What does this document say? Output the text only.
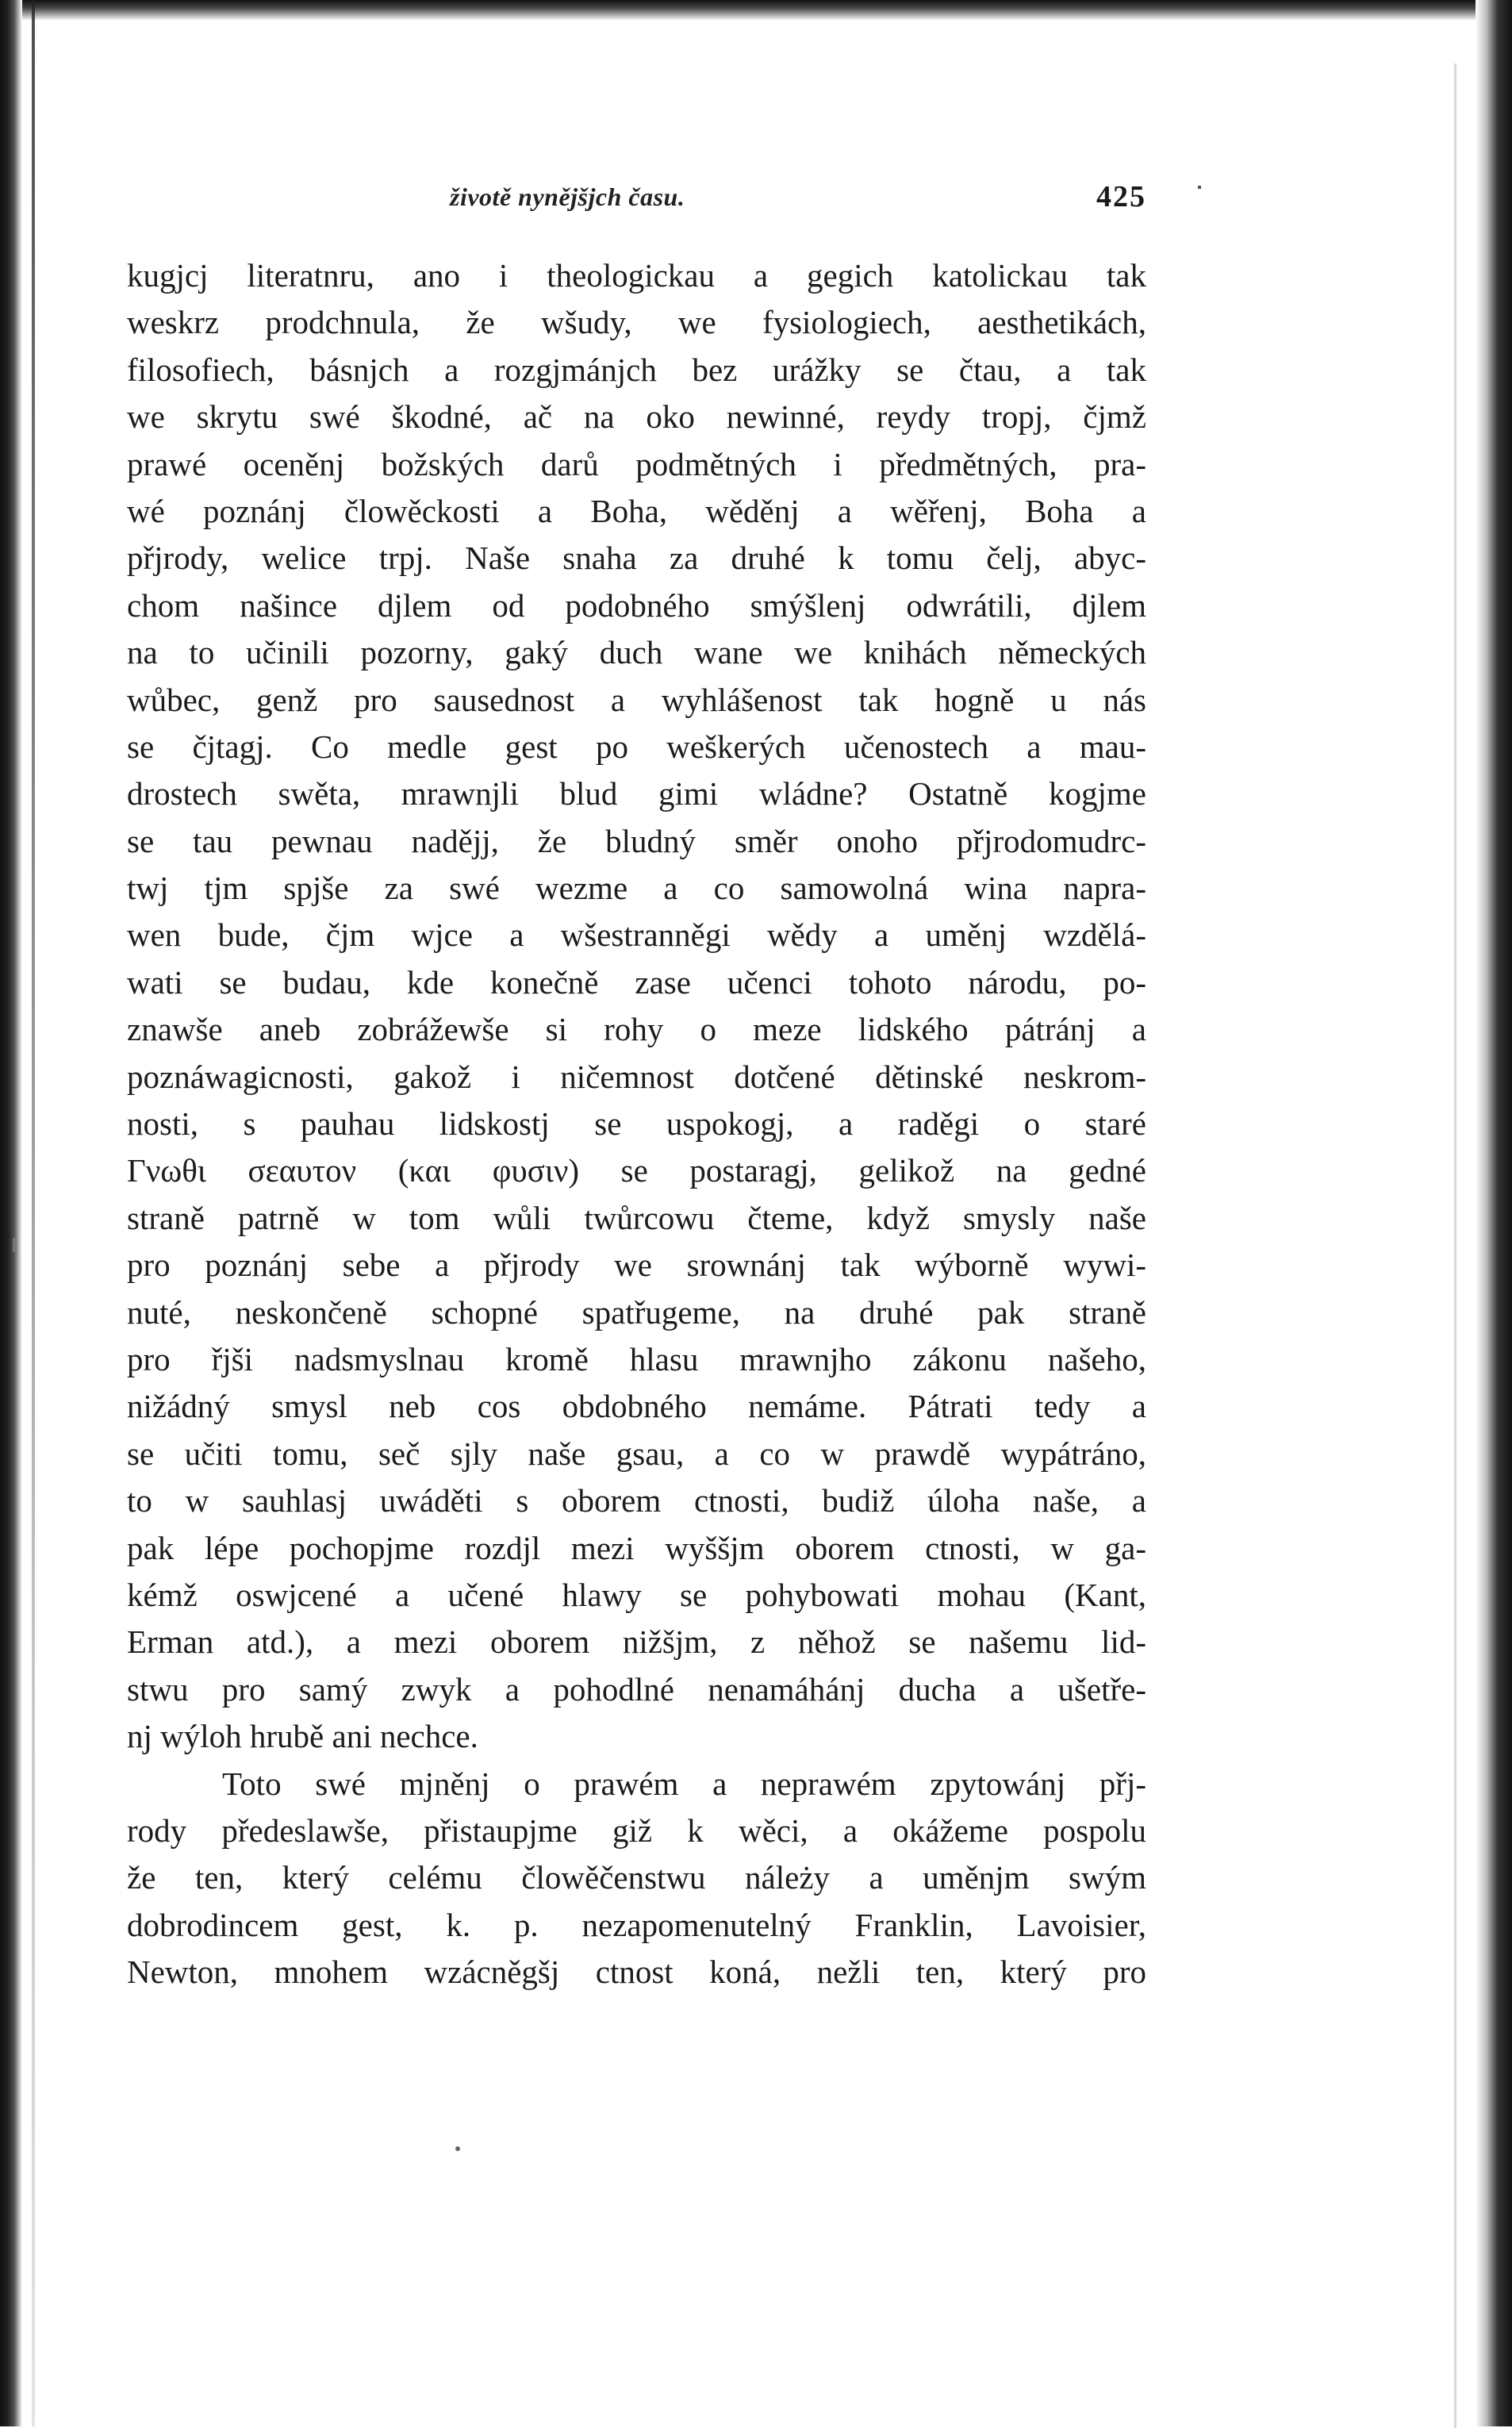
životě nynějšjch času.	425
kugjcj literatnru, ano i theologickau a gegich katolickau tak
weskrz prodchnula, že wšudy, we fysiologiech, aesthetikách,
filosofiech, básnjch a rozgjmánjch bez urážky se čtau, a tak
we skrytu swé škodné, ač na oko newinné, reydy tropj, čjmž
prawé oceněnj božských darů podmětných i předmětných, pra-
wé poznánj člowěckosti a Boha, wěděnj a wěřenj, Boha a
přjrody, welice trpj. Naše snaha za druhé k tomu čelj, abyc-
chom našince djlem od podobného smýšlenj odwrátili, djlem
na to učinili pozorny, gaký duch wane we knihách německých
wůbec, genž pro sausednost a wyhlášenost tak hogně u nás
se čjtagj. Co medle gest po weškerých učenostech a mau-
drostech swěta, mrawnjli blud gimi wládne? Ostatně kogjme
se tau pewnau nadějj, že bludný směr onoho přjrodomudrc-
twj tjm spjše za swé wezme a co samowolná wina napra-
wen bude, čjm wjce a wšestranněgi wědy a uměnj wzdělá-
wati se budau, kde konečně zase učenci tohoto národu, po-
znawše aneb zobrážewše si rohy o meze lidského pátránj a
poznáwagicnosti, gakož i ničemnost dotčené dětinské neskrom-
nosti, s pauhau lidskostj se uspokogj, a raděgi o staré
Γνωθι σεαυτον (και φυσιν) se postaragj, gelikož na gedné
straně patrně w tom wůli twůrcowu čteme, když smysly naše
pro poznánj sebe a přjrody we srownánj tak wýborně wywi-
nuté, neskončeně schopné spatřugeme, na druhé pak straně
pro řjši nadsmyslnau kromě hlasu mrawnjho zákonu našeho,
nižádný smysl neb cos obdobného nemáme. Pátrati tedy a
se učiti tomu, seč sjly naše gsau, a co w prawdě wypátráno,
to w sauhlasj uwáděti s oborem ctnosti, budiž úloha naše, a
pak lépe pochopjme rozdjl mezi wyššjm oborem ctnosti, w ga-
kémž oswjcené a učené hlawy se pohybowati mohau (Kant,
Erman atd.), a mezi oborem nižšjm, z něhož se našemu lid-
stwu pro samý zwyk a pohodlné nenamáhánj ducha a ušetře-
nj wýloh hrubě ani nechce.
Toto swé mjněnj o prawém a neprawém zpytowánj přj-
rody předeslawše, přistaupjme giž k wěci, a okážeme pospolu
že ten, který celému člowěčenstwu náleży a uměnjm swým
dobrodincem gest, k. p. nezapomenutelný Franklin, Lavoisier,
Newton, mnohem wzácněgšj ctnost koná, nežli ten, který pro
